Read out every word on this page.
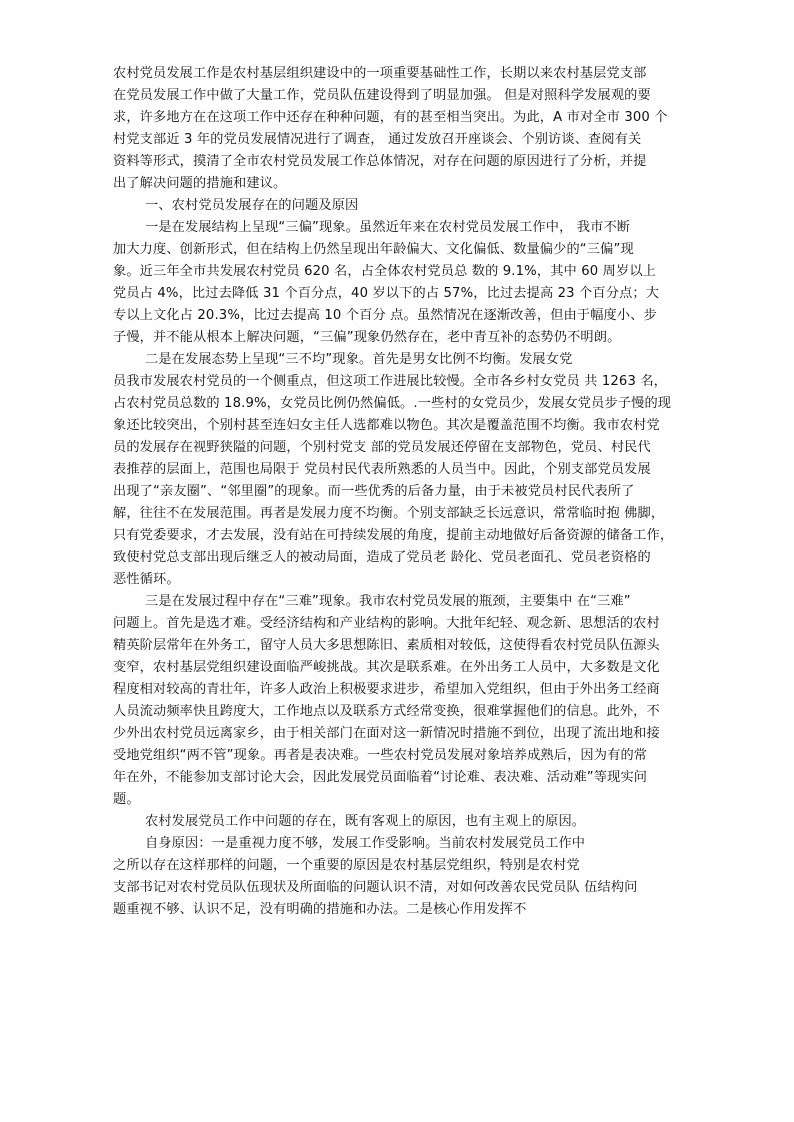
农村党员发展工作是农村基层组织建设中的一项重要基础性工作，长期以来农村基层党支部
在党员发展工作中做了大量工作，党员队伍建设得到了明显加强。 但是对照科学发展观的要
求，许多地方在在这项工作中还存在种种问题，有的甚至相当突出。为此，A 市对全市 300 个
村党支部近 3 年的党员发展情况进行了调查， 通过发放召开座谈会、个别访谈、查阅有关
资料等形式，摸清了全市农村党员发展工作总体情况，对存在问题的原因进行了分析，并提
出了解决问题的措施和建议。
一、农村党员发展存在的问题及原因
一是在发展结构上呈现“三偏”现象。虽然近年来在农村党员发展工作中， 我市不断
加大力度、创新形式，但在结构上仍然呈现出年龄偏大、文化偏低、数量偏少的“三偏”现
象。近三年全市共发展农村党员 620 名，占全体农村党员总 数的 9.1%，其中 60 周岁以上
党员占 4%，比过去降低 31 个百分点，40 岁以下的占 57%，比过去提高 23 个百分点；大
专以上文化占 20.3%，比过去提高 10 个百分 点。虽然情况在逐渐改善，但由于幅度小、步
子慢，并不能从根本上解决问题，“三偏”现象仍然存在，老中青互补的态势仍不明朗。
二是在发展态势上呈现“三不均”现象。首先是男女比例不均衡。发展女党
员我市发展农村党员的一个侧重点，但这项工作进展比较慢。全市各乡村女党员 共 1263 名，
占农村党员总数的 18.9%，女党员比例仍然偏低。.一些村的女党员少，发展女党员步子慢的现
象还比较突出，个别村甚至连妇女主任人选都难以物色。其次是覆盖范围不均衡。我市农村党
员的发展存在视野狭隘的问题，个别村党支 部的党员发展还停留在支部物色，党员、村民代
表推荐的层面上，范围也局限于 党员村民代表所熟悉的人员当中。因此，个别支部党员发展
出现了“亲友圈”、“邻里圈”的现象。而一些优秀的后备力量，由于未被党员村民代表所了
解，往往不在发展范围。再者是发展力度不均衡。个别支部缺乏长远意识，常常临时抱 佛脚，
只有党委要求，才去发展，没有站在可持续发展的角度，提前主动地做好后备资源的储备工作，
致使村党总支部出现后继乏人的被动局面，造成了党员老 龄化、党员老面孔、党员老资格的
恶性循环。
三是在发展过程中存在“三难”现象。我市农村党员发展的瓶颈，主要集中 在“三难”
问题上。首先是选才难。受经济结构和产业结构的影响。大批年纪轻、观念新、思想活的农村
精英阶层常年在外务工，留守人员大多思想陈旧、素质相对较低，这使得看农村党员队伍源头
变窄，农村基层党组织建设面临严峻挑战。其次是联系难。在外出务工人员中，大多数是文化
程度相对较高的青壮年，许多人政治上积极要求进步，希望加入党组织，但由于外出务工经商
人员流动频率快且跨度大，工作地点以及联系方式经常变换，很难掌握他们的信息。此外，不
少外出农村党员远离家乡，由于相关部门在面对这一新情况时措施不到位，出现了流出地和接
受地党组织“两不管”现象。再者是表决难。一些农村党员发展对象培养成熟后，因为有的常
年在外，不能参加支部讨论大会，因此发展党员面临着“讨论难、表决难、活动难”等现实问
题。
农村发展党员工作中问题的存在，既有客观上的原因，也有主观上的原因。
自身原因：一是重视力度不够，发展工作受影响。当前农村发展党员工作中
之所以存在这样那样的问题，一个重要的原因是农村基层党组织，特别是农村党
支部书记对农村党员队伍现状及所面临的问题认识不清，对如何改善农民党员队 伍结构问
题重视不够、认识不足，没有明确的措施和办法。二是核心作用发挥不
